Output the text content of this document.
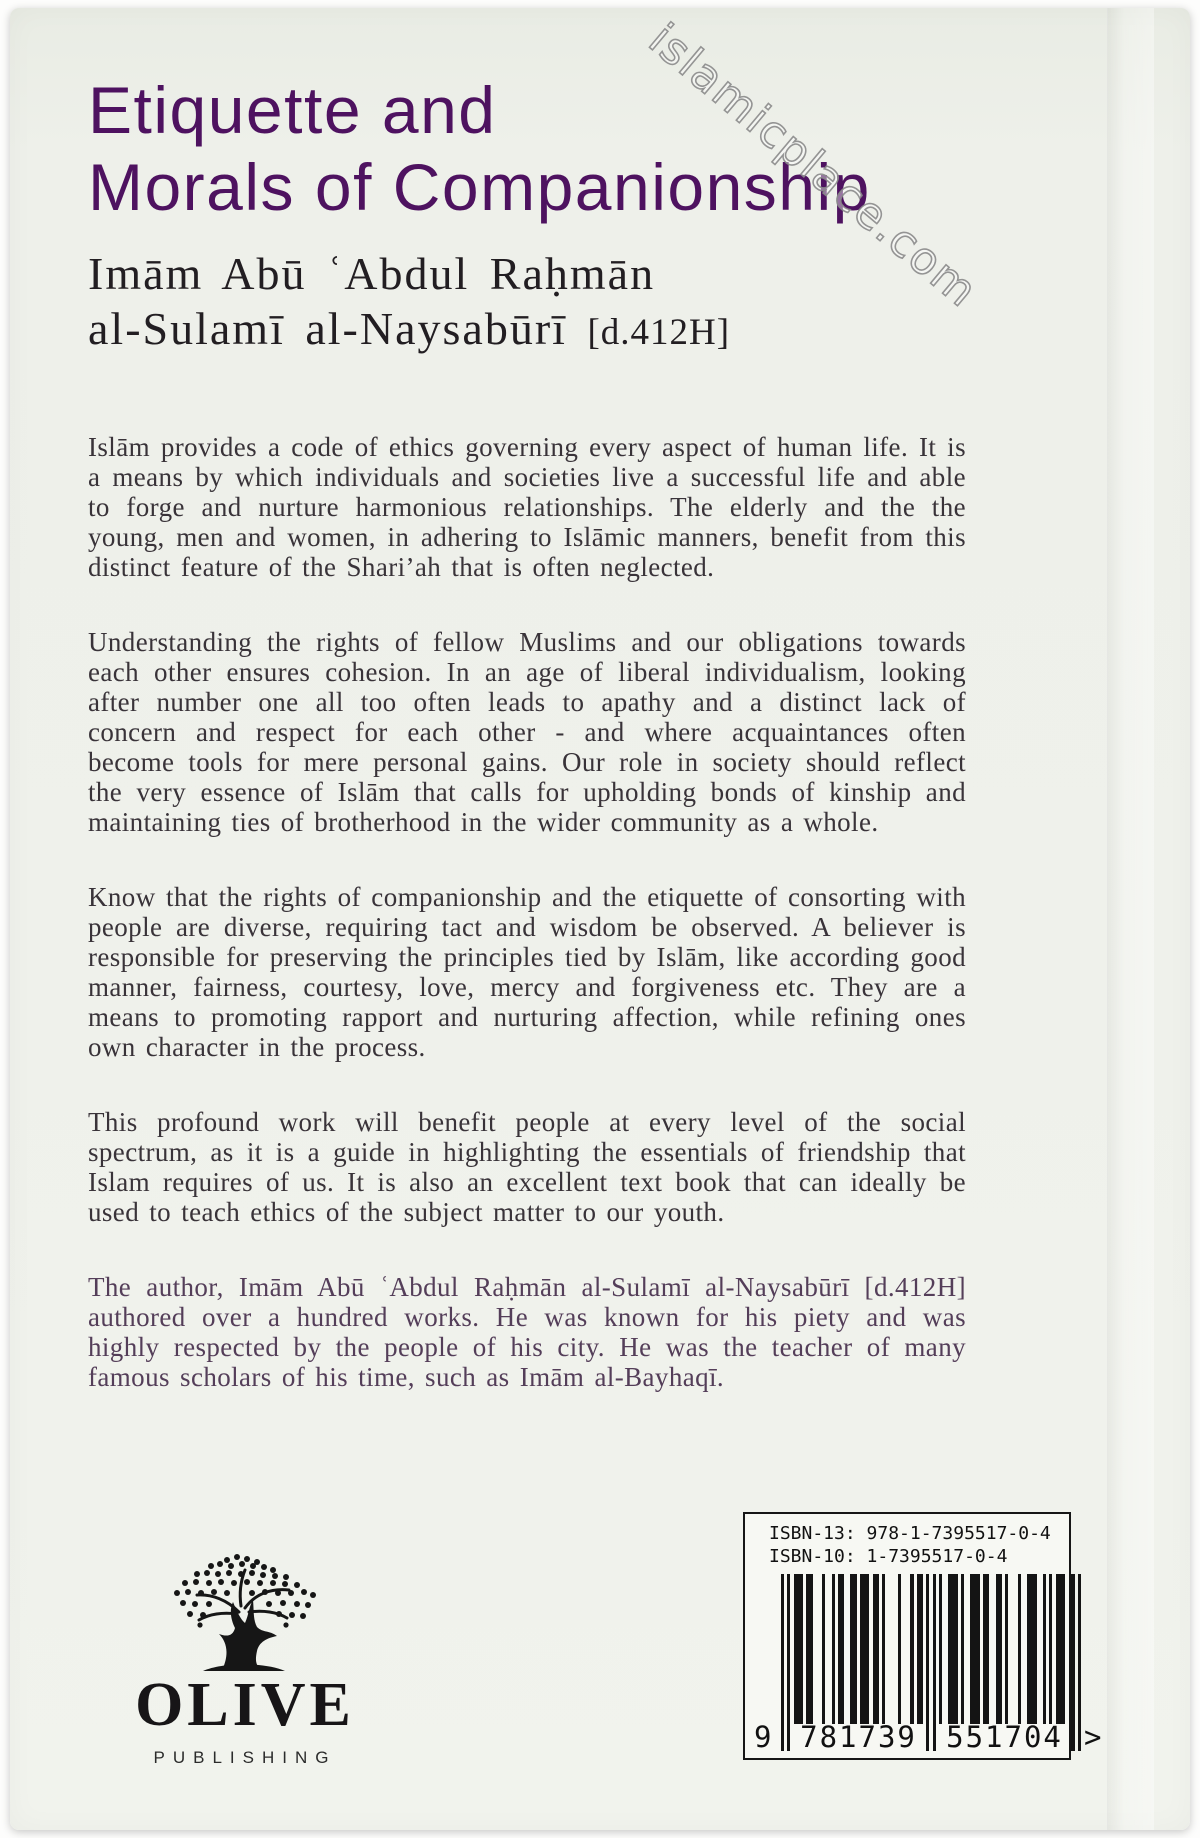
Etiquette and
Morals of Companionship
Imām Abū ʿAbdul Raḥmān
al-Sulamī al-Naysabūrī [d.412H]

Islām provides a code of ethics governing every aspect of human life. It is a means by which individuals and societies live a successful life and able to forge and nurture harmonious relationships. The elderly and the the young, men and women, in adhering to Islāmic manners, benefit from this distinct feature of the Shari’ah that is often neglected.

Understanding the rights of fellow Muslims and our obligations towards each other ensures cohesion. In an age of liberal individualism, looking after number one all too often leads to apathy and a distinct lack of concern and respect for each other - and where acquaintances often become tools for mere personal gains. Our role in society should reflect the very essence of Islām that calls for upholding bonds of kinship and maintaining ties of brotherhood in the wider community as a whole.

Know that the rights of companionship and the etiquette of consorting with people are diverse, requiring tact and wisdom be observed. A believer is responsible for preserving the principles tied by Islām, like according good manner, fairness, courtesy, love, mercy and forgiveness etc. They are a means to promoting rapport and nurturing affection, while refining ones own character in the process.

This profound work will benefit people at every level of the social spectrum, as it is a guide in highlighting the essentials of friendship that Islam requires of us. It is also an excellent text book that can ideally be used to teach ethics of the subject matter to our youth.

The author, Imām Abū ʿAbdul Raḥmān al-Sulamī al-Naysabūrī [d.412H] authored over a hundred works. He was known for his piety and was highly respected by the people of his city. He was the teacher of many famous scholars of his time, such as Imām al-Bayhaqī.

OLIVE
PUBLISHING
ISBN-13: 978-1-7395517-0-4
ISBN-10: 1-7395517-0-4
9 781739 551704 >
islamicplace.com
